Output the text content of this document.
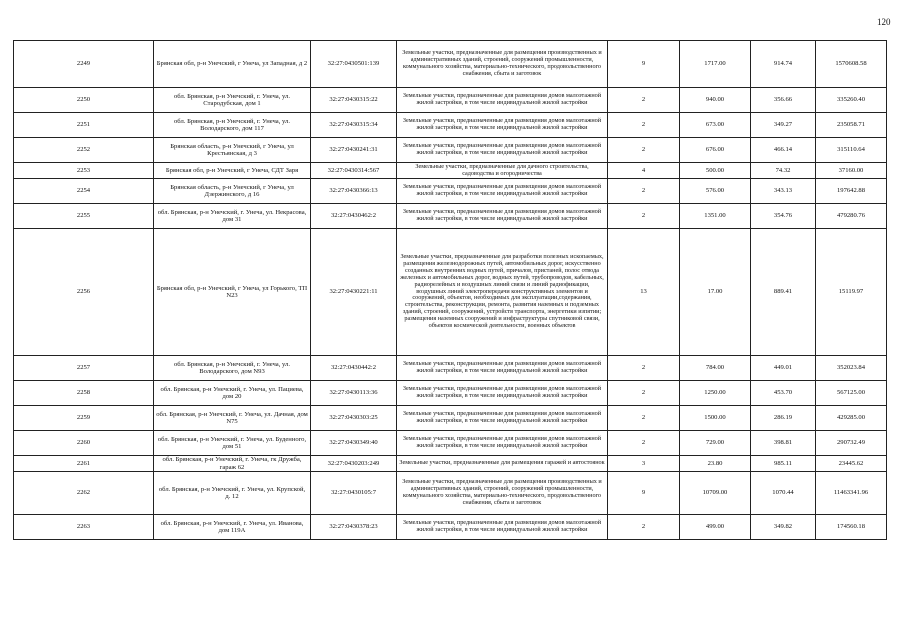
120
2249	Брянская обл, р-н Унечский, г Унеча, ул Западная, д 2	32:27:0430501:139	Земельные участки, предназначенные для размещения производственных и административных зданий, строений, сооружений промышленности, коммунального хозяйства, материально-технического, продовольственного снабжения, сбыта и заготовок	9	1717.00	914.74	1570608.58
2250	обл. Брянская, р-н Унечский, г. Унеча, ул. Стародубская, дом 1	32:27:0430315:22	Земельные участки, предназначенные для размещения домов малоэтажной жилой застройки, в том числе индивидуальной жилой застройки	2	940.00	356.66	335260.40
2251	обл. Брянская, р-н Унечский, г. Унеча, ул. Володарского, дом 117	32:27:0430315:34	Земельные участки, предназначенные для размещения домов малоэтажной жилой застройки, в том числе индивидуальной жилой застройки	2	673.00	349.27	235058.71
2252	Брянская область, р-н Унечский, г Унеча, ул Крестьянская, д 3	32:27:0430241:31	Земельные участки, предназначенные для размещения домов малоэтажной жилой застройки, в том числе индивидуальной жилой застройки	2	676.00	466.14	315110.64
2253	Брянская обл, р-н Унечский, г Унеча, СДТ Заря	32:27:0430314:567	Земельные участки, предназначенные для дачного строительства, садоводства и огородничества	4	500.00	74.32	37160.00
2254	Брянская область, р-н Унечский, г Унеча, ул Дзержинского, д 16	32:27:0430366:13	Земельные участки, предназначенные для размещения домов малоэтажной жилой застройки, в том числе индивидуальной жилой застройки	2	576.00	343.13	197642.88
2255	обл. Брянская, р-н Унечский, г. Унеча, ул. Некрасова, дом 31	32:27:0430462:2	Земельные участки, предназначенные для размещения домов малоэтажной жилой застройки, в том числе индивидуальной жилой застройки	2	1351.00	354.76	479280.76
2256	Брянская обл, р-н Унечский, г Унеча, ул Горького, ТП N23	32:27:0430221:11	Земельные участки, предназначенные для разработки полезных ископаемых, размещения железнодорожных путей, автомобильных дорог, искусственно созданных внутренних водных путей, причалов, пристаней, полос отвода железных и автомобильных дорог, водных путей, трубопроводов, кабельных, радиорелейных и воздушных линий связи и линий радиофикации, воздушных линий электропередачи конструктивных элементов и сооружений, объектов, необходимых для эксплуатации,содержания, строительства, реконструкции, ремонта, развития наземных и подземных зданий, строений, сооружений, устройств транспорта, энергетики изпятии; размещения наземных сооружений и инфраструктуры спутниковой связи, объектов космической деятельности, военных объектов	13	17.00	889.41	15119.97
2257	обл. Брянская, р-н Унечский, г. Унеча, ул. Володарского, дом N93	32:27:0430442:2	Земельные участки, предназначенные для размещения домов малоэтажной жилой застройки, в том числе индивидуальной жилой застройки	2	784.00	449.01	352023.84
2258	обл. Брянская, р-н Унечский, г. Унеча, ул. Пациева, дом 20	32:27:0430113:36	Земельные участки, предназначенные для размещения домов малоэтажной жилой застройки, в том числе индивидуальной жилой застройки	2	1250.00	453.70	567125.00
2259	обл. Брянская, р-н Унечский, г. Унеча, ул. Дачная, дом N75	32:27:0430303:25	Земельные участки, предназначенные для размещения домов малоэтажной жилой застройки, в том числе индивидуальной жилой застройки	2	1500.00	286.19	429285.00
2260	обл. Брянская, р-н Унечский, г. Унеча, ул. Буденного, дом 51	32:27:0430349:40	Земельные участки, предназначенные для размещения домов малоэтажной жилой застройки, в том числе индивидуальной жилой застройки	2	729.00	398.81	290732.49
2261	обл. Брянская, р-н Унечский, г. Унеча, гк Дружба, гараж 62	32:27:0430203:249	Земельные участки, предназначенные для размещения гаражей и автостоянок	3	23.80	985.11	23445.62
2262	обл. Брянская, р-н Унечский, г. Унеча, ул. Крупской, д. 12	32:27:0430105:7	Земельные участки, предназначенные для размещения производственных и административных зданий, строений, сооружений промышленности, коммунального хозяйства, материально-технического, продовольственного снабжения, сбыта и заготовок	9	10709.00	1070.44	11463341.96
2263	обл. Брянская, р-н Унечский, г. Унеча, ул. Иванова, дом 119А	32:27:0430378:23	Земельные участки, предназначенные для размещения домов малоэтажной жилой застройки, в том числе индивидуальной жилой застройки	2	499.00	349.82	174560.18
